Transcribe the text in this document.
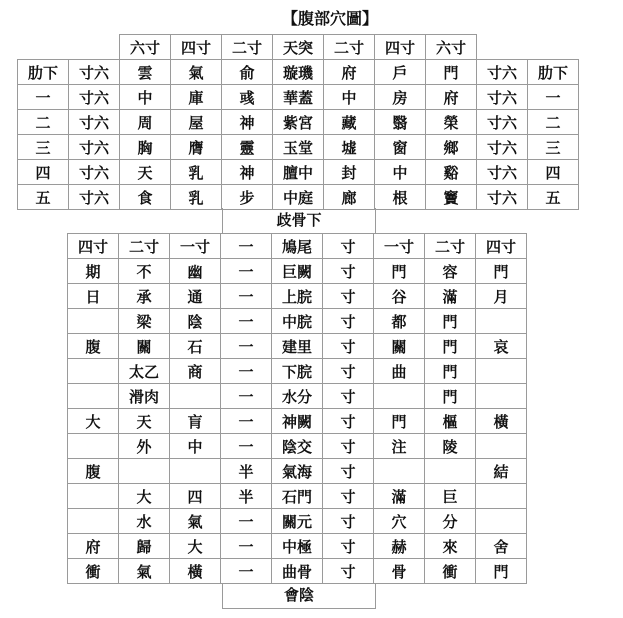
【腹部穴圖】
		六寸	四寸	二寸	天突	二寸	四寸	六寸		
肋下	寸六	雲	氣	俞	璇璣	府	戶	門	寸六	肋下
一	寸六	中	庫	彧	華蓋	中	房	府	寸六	一
二	寸六	周	屋	神	紫宮	藏	翳	榮	寸六	二
三	寸六	胸	膺	靈	玉堂	墟	窗	鄉	寸六	三
四	寸六	天	乳	神	膻中	封	中	谿	寸六	四
五	寸六	食	乳	步	中庭	廊	根	竇	寸六	五
歧骨下
四寸	二寸	一寸	一	鳩尾	寸	一寸	二寸	四寸
期	不	幽	一	巨闕	寸	門	容	門
日	承	通	一	上脘	寸	谷	滿	月
	梁	陰	一	中脘	寸	都	門	
腹	關	石	一	建里	寸	關	門	哀
	太乙	商	一	下脘	寸	曲	門	
	滑肉		一	水分	寸		門	
大	天	肓	一	神闕	寸	門	樞	橫
	外	中	一	陰交	寸	注	陵	
腹			半	氣海	寸			結
	大	四	半	石門	寸	滿	巨	
	水	氣	一	關元	寸	穴	分	
府	歸	大	一	中極	寸	赫	來	舍
衝	氣	橫	一	曲骨	寸	骨	衝	門
會陰
